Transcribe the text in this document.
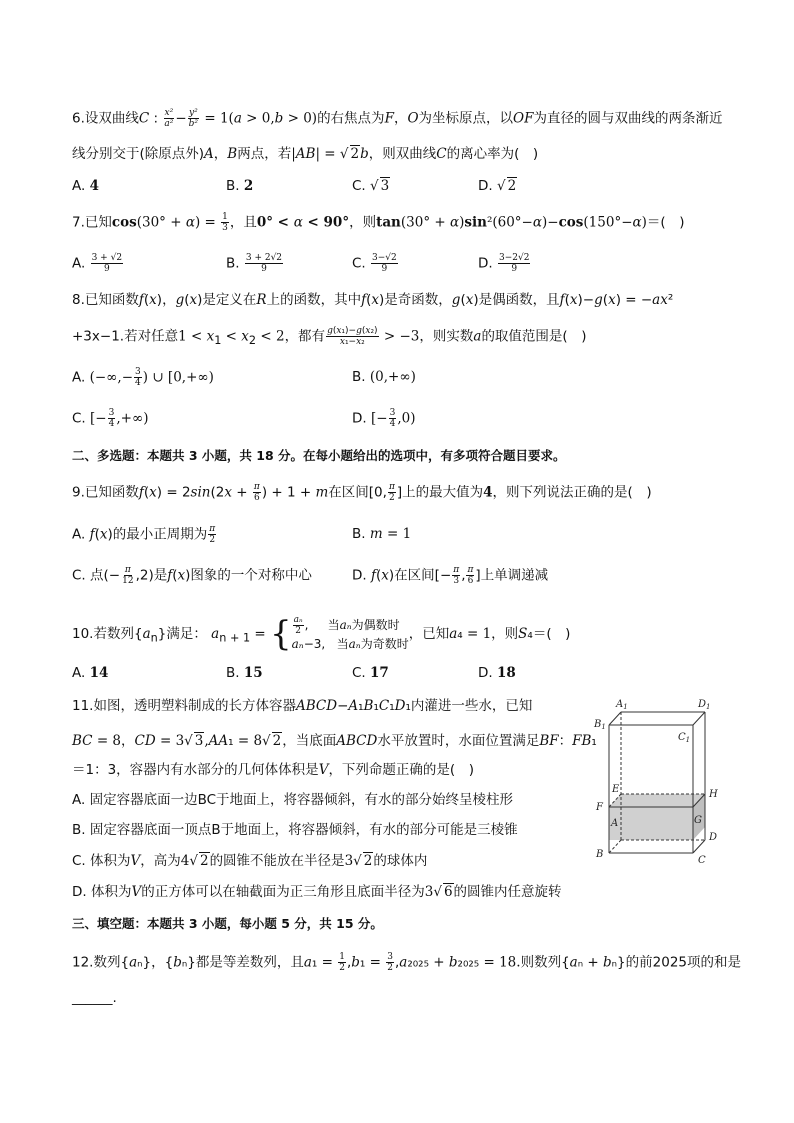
6.设双曲线C : $\frac{\text{x²}}{\text{a²}} - \frac{\text{y²}}{\text{b²}} = 1(a > 0,b > 0)$的右焦点为F，O为坐标原点，以OF为直径的圆与双曲线的两条渐近
线分别交于(除原点外)A，B两点，若|AB| = √ 2b，则双曲线C的离心率为(　)
A. 4	B. 2	C. √ 3	D. √ 2
7.已知$\cos(30^\circ + \alpha) = \frac{1}{3}$ ，且0° < α < 90°，则tan(30° + α)sin²(60°−α)−cos(150°−α)＝(　)
A. $\frac{3 + √2}{9}$	B. $\frac{3 + 2√2}{9}$	C. $\frac{3-√2}{9}$	D. $\frac{3-2√2}{9}$
8.已知函数f(x)，g(x)是定义在R上的函数，其中f(x)是奇函数，g(x)是偶函数，且f(x)−g(x) = −ax²
+3x−1.若对任意$1 < x_1 < x_2 < 2$，都有 $\frac{\text{g(x₁)−g(x₂)}}{\text{x₁−x₂}} > -3$，则实数a的取值范围是(　)
A. (−∞,− $\frac{3}{4}$ ) ∪ [0,+∞)	B. (0,+∞)
C. [− $\frac{3}{4}$ ,+∞)	D. [− $\frac{3}{4} ,0$)
二、多选题：本题共 3 小题，共 18 分。在每小题给出的选项中，有多项符合题目要求。
9.已知函数$f(x) = 2\sin(2x + \frac{\pi}{6}$ ) + 1 + m在区间[0, $\frac{\pi}{2}$ ]上的最大值为4，则下列说法正确的是(　)
A. f(x)的最小正周期为 $\frac{\pi}{2}$	B. m = 1
C. 点(− $\frac{\pi}{12} ,2$)是f(x)图象的一个对称中心	D. f(x)在区间[− $\frac{\pi}{3}$ , $\frac{\pi}{6}$ ]上单调递减
10.若数列$\{a_n\}$满足： $a_{n + 1}$ = { $\frac{\text{aₙ}}{2}$ ,     当aₙ为偶数时
aₙ−3,   当aₙ为奇数时
，已知a₄ = 1，则S₄＝(　)
A. 14	B. 15	C. 17	D. 18
11.如图，透明塑料制成的长方体容器ABCD−A₁B₁C₁D₁内灌进一些水，已知
BC = 8，CD = 3√ 3,AA₁ = 8√ 2，当底面ABCD水平放置时，水面位置满足BF：FB₁
＝1：3，容器内有水部分的几何体体积是V，下列命题正确的是(　)
A. 固定容器底面一边BC于地面上，将容器倾斜，有水的部分始终呈棱柱形
B. 固定容器底面一顶点B于地面上，将容器倾斜，有水的部分可能是三棱锥
C. 体积为V，高为4√ 2的圆锥不能放在半径是3√ 2的球体内
D. 体积为V的正方体可以在轴截面为正三角形且底面半径为3√ 6的圆锥内任意旋转
$A_1$	$D_1$
$B_1$
$C_1$
E	H
F
A	G
D
B
C
三、填空题：本题共 3 小题，每小题 5 分，共 15 分。
12.数列{aₙ}，{bₙ}都是等差数列，且$a_1 = \frac{1}{2} ,b_1 = \frac{3}{2} ,a_{2025} + b_{2025} = 18$.则数列{aₙ + bₙ}的前2025项的和是
______.
